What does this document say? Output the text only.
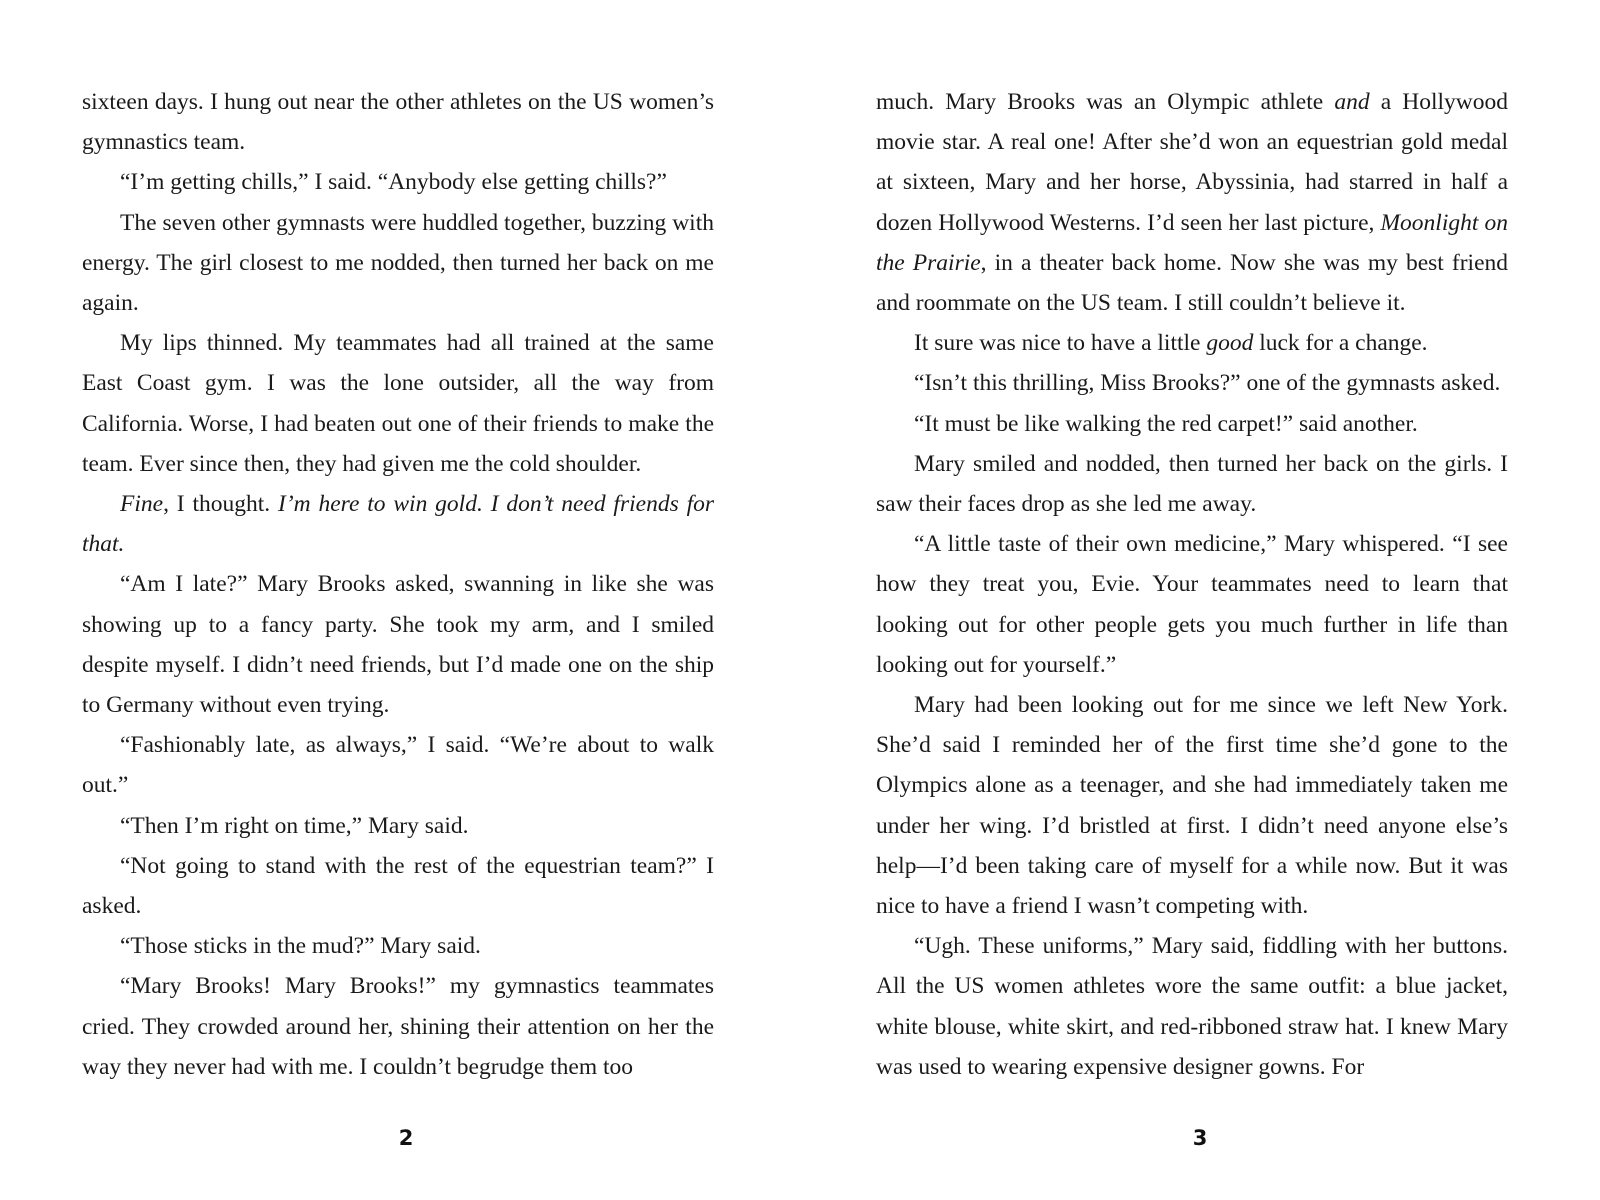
sixteen days. I hung out near the other athletes on the US women’s gymnastics team.

“I’m getting chills,” I said. “Anybody else getting chills?”

The seven other gymnasts were huddled together, buzzing with energy. The girl closest to me nodded, then turned her back on me again.

My lips thinned. My teammates had all trained at the same East Coast gym. I was the lone outsider, all the way from California. Worse, I had beaten out one of their friends to make the team. Ever since then, they had given me the cold shoulder.

Fine, I thought. I’m here to win gold. I don’t need friends for that.

“Am I late?” Mary Brooks asked, swanning in like she was showing up to a fancy party. She took my arm, and I smiled despite myself. I didn’t need friends, but I’d made one on the ship to Germany without even trying.

“Fashionably late, as always,” I said. “We’re about to walk out.”

“Then I’m right on time,” Mary said.

“Not going to stand with the rest of the equestrian team?” I asked.

“Those sticks in the mud?” Mary said.

“Mary Brooks! Mary Brooks!” my gymnastics teammates cried. They crowded around her, shining their attention on her the way they never had with me. I couldn’t begrudge them too

2

much. Mary Brooks was an Olympic athlete and a Hollywood movie star. A real one! After she’d won an equestrian gold medal at sixteen, Mary and her horse, Abyssinia, had starred in half a dozen Hollywood Westerns. I’d seen her last picture, Moonlight on the Prairie, in a theater back home. Now she was my best friend and roommate on the US team. I still couldn’t believe it.

It sure was nice to have a little good luck for a change.

“Isn’t this thrilling, Miss Brooks?” one of the gymnasts asked.

“It must be like walking the red carpet!” said another.

Mary smiled and nodded, then turned her back on the girls. I saw their faces drop as she led me away.

“A little taste of their own medicine,” Mary whispered. “I see how they treat you, Evie. Your teammates need to learn that looking out for other people gets you much further in life than looking out for yourself.”

Mary had been looking out for me since we left New York. She’d said I reminded her of the first time she’d gone to the Olympics alone as a teenager, and she had immediately taken me under her wing. I’d bristled at first. I didn’t need anyone else’s help—I’d been taking care of myself for a while now. But it was nice to have a friend I wasn’t competing with.

“Ugh. These uniforms,” Mary said, fiddling with her buttons. All the US women athletes wore the same outfit: a blue jacket, white blouse, white skirt, and red-ribboned straw hat. I knew Mary was used to wearing expensive designer gowns. For

3
